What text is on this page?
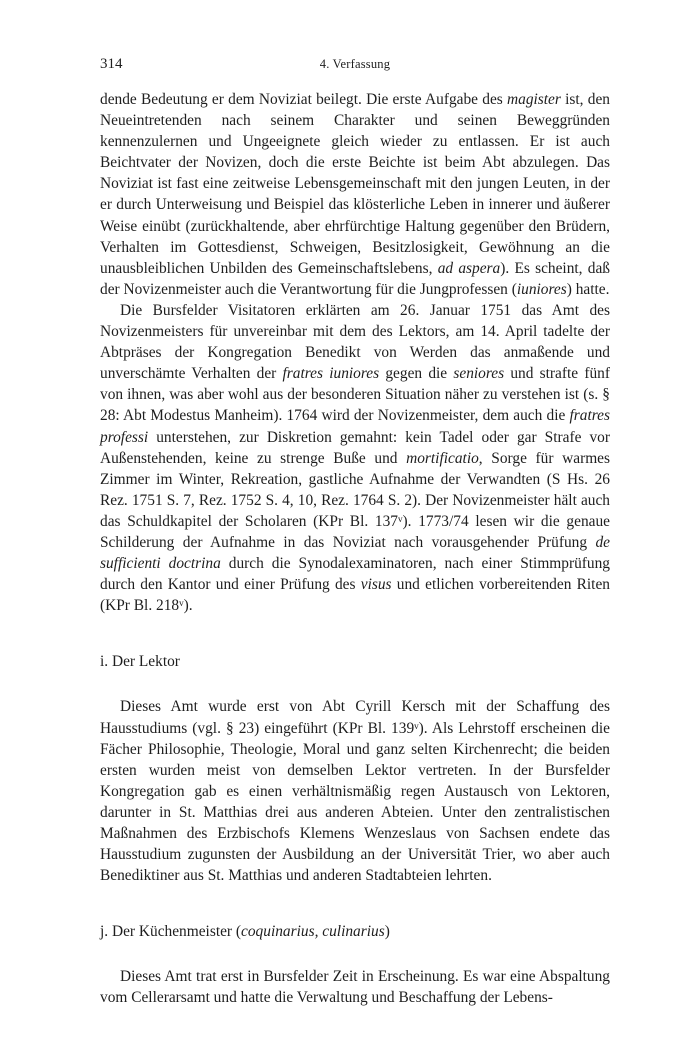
314	4. Verfassung

dende Bedeutung er dem Noviziat beilegt. Die erste Aufgabe des magister ist, den Neueintretenden nach seinem Charakter und seinen Beweggründen kennenzulernen und Ungeeignete gleich wieder zu entlassen. Er ist auch Beichtvater der Novizen, doch die erste Beichte ist beim Abt abzulegen. Das Noviziat ist fast eine zeitweise Lebensgemeinschaft mit den jungen Leuten, in der er durch Unterweisung und Beispiel das klösterliche Leben in innerer und äußerer Weise einübt (zurückhaltende, aber ehrfürchtige Haltung gegenüber den Brüdern, Verhalten im Gottesdienst, Schweigen, Besitzlosigkeit, Gewöhnung an die unausbleiblichen Unbilden des Gemeinschaftslebens, ad aspera). Es scheint, daß der Novizenmeister auch die Verantwortung für die Jungprofessen (iuniores) hatte.

Die Bursfelder Visitatoren erklärten am 26. Januar 1751 das Amt des Novizenmeisters für unvereinbar mit dem des Lektors, am 14. April tadelte der Abtpräses der Kongregation Benedikt von Werden das anmaßende und unverschämte Verhalten der fratres iuniores gegen die seniores und strafte fünf von ihnen, was aber wohl aus der besonderen Situation näher zu verstehen ist (s. § 28: Abt Modestus Manheim). 1764 wird der Novizenmeister, dem auch die fratres professi unterstehen, zur Diskretion gemahnt: kein Tadel oder gar Strafe vor Außenstehenden, keine zu strenge Buße und mortificatio, Sorge für warmes Zimmer im Winter, Rekreation, gastliche Aufnahme der Verwandten (S Hs. 26 Rez. 1751 S. 7, Rez. 1752 S. 4, 10, Rez. 1764 S. 2). Der Novizenmeister hält auch das Schuldkapitel der Scholaren (KPr Bl. 137ᵛ). 1773/74 lesen wir die genaue Schilderung der Aufnahme in das Noviziat nach vorausgehender Prüfung de sufficienti doctrina durch die Synodalexaminatoren, nach einer Stimmprüfung durch den Kantor und einer Prüfung des visus und etlichen vorbereitenden Riten (KPr Bl. 218ᵛ).

i. Der Lektor

Dieses Amt wurde erst von Abt Cyrill Kersch mit der Schaffung des Hausstudiums (vgl. § 23) eingeführt (KPr Bl. 139ᵛ). Als Lehrstoff erscheinen die Fächer Philosophie, Theologie, Moral und ganz selten Kirchenrecht; die beiden ersten wurden meist von demselben Lektor vertreten. In der Bursfelder Kongregation gab es einen verhältnismäßig regen Austausch von Lektoren, darunter in St. Matthias drei aus anderen Abteien. Unter den zentralistischen Maßnahmen des Erzbischofs Klemens Wenzeslaus von Sachsen endete das Hausstudium zugunsten der Ausbildung an der Universität Trier, wo aber auch Benediktiner aus St. Matthias und anderen Stadtabteien lehrten.

j. Der Küchenmeister (coquinarius, culinarius)

Dieses Amt trat erst in Bursfelder Zeit in Erscheinung. Es war eine Abspaltung vom Cellerarsamt und hatte die Verwaltung und Beschaffung der Lebens-
